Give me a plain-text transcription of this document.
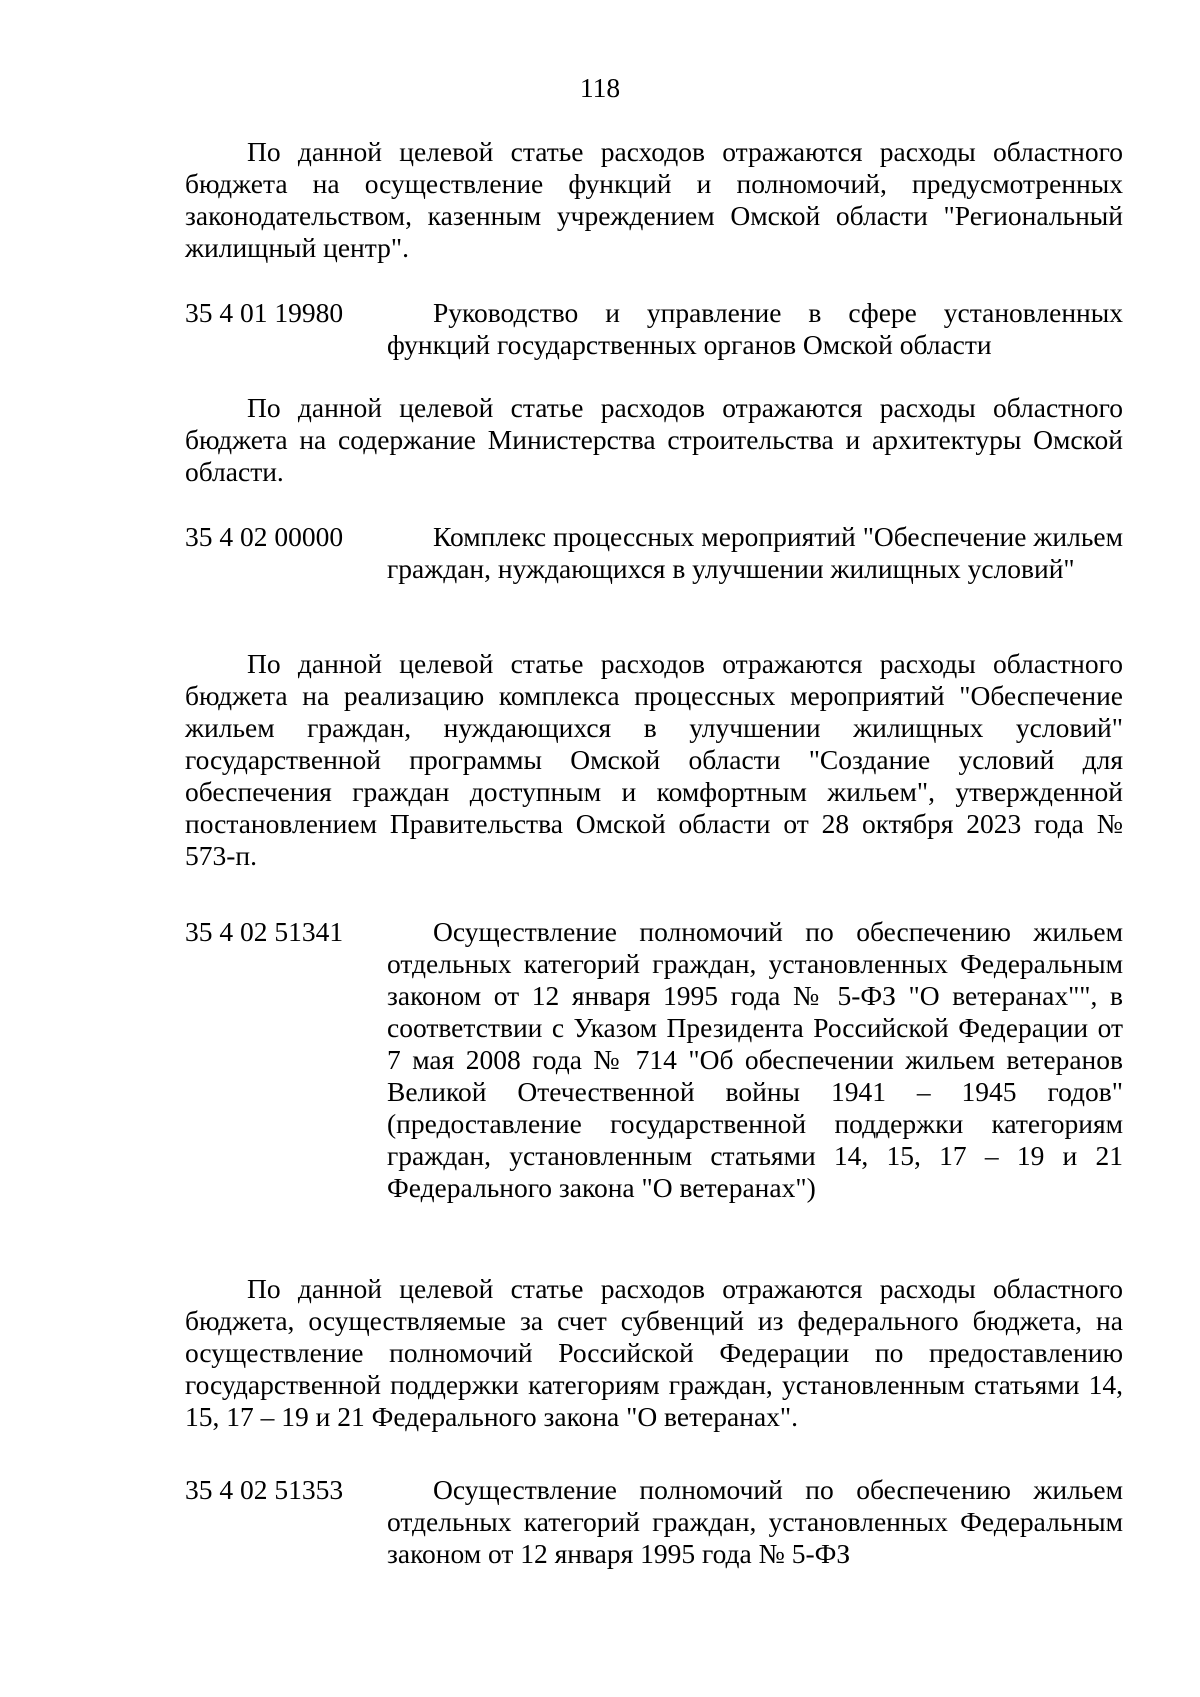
118

По данной целевой статье расходов отражаются расходы областного бюджета на осуществление функций и полномочий, предусмотренных законодательством, казенным учреждением Омской области "Региональный жилищный центр".

35 4 01 19980	Руководство и управление в сфере установленных функций государственных органов Омской области

По данной целевой статье расходов отражаются расходы областного бюджета на содержание Министерства строительства и архитектуры Омской области.

35 4 02 00000	Комплекс процессных мероприятий "Обеспечение жильем граждан, нуждающихся в улучшении жилищных условий"

По данной целевой статье расходов отражаются расходы областного бюджета на реализацию комплекса процессных мероприятий "Обеспечение жильем граждан, нуждающихся в улучшении жилищных условий" государственной программы Омской области "Создание условий для обеспечения граждан доступным и комфортным жильем", утвержденной постановлением Правительства Омской области от 28 октября 2023 года № 573-п.

35 4 02 51341	Осуществление полномочий по обеспечению жильем отдельных категорий граждан, установленных Федеральным законом от 12 января 1995 года № 5-ФЗ "О ветеранах"", в соответствии с Указом Президента Российской Федерации от 7 мая 2008 года № 714 "Об обеспечении жильем ветеранов Великой Отечественной войны 1941 – 1945 годов" (предоставление государственной поддержки категориям граждан, установленным статьями 14, 15, 17 – 19 и 21 Федерального закона "О ветеранах")

По данной целевой статье расходов отражаются расходы областного бюджета, осуществляемые за счет субвенций из федерального бюджета, на осуществление полномочий Российской Федерации по предоставлению государственной поддержки категориям граждан, установленным статьями 14, 15, 17 – 19 и 21 Федерального закона "О ветеранах".

35 4 02 51353	Осуществление полномочий по обеспечению жильем отдельных категорий граждан, установленных Федеральным законом от 12 января 1995 года № 5-ФЗ
